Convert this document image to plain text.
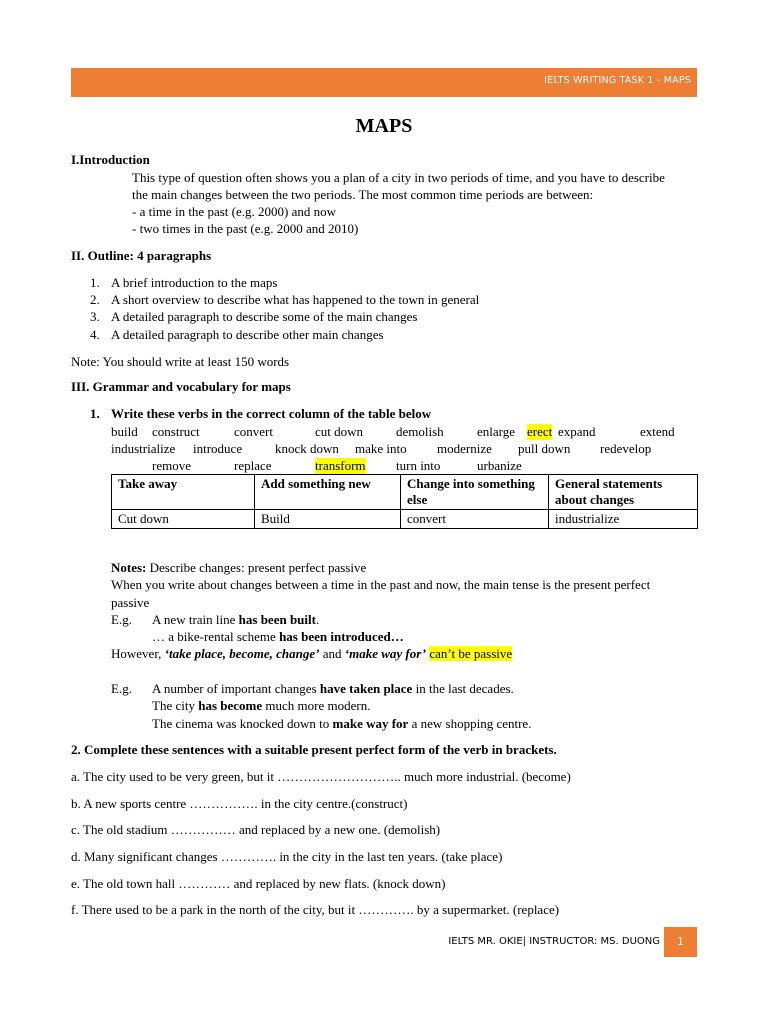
IELTS WRITING TASK 1 - MAPS
MAPS
I.Introduction
This type of question often shows you a plan of a city in two periods of time, and you have to describe
the main changes between the two periods. The most common time periods are between:
- a time in the past (e.g. 2000) and now
- two times in the past (e.g. 2000 and 2010)
II. Outline: 4 paragraphs
1. A brief introduction to the maps
2. A short overview to describe what has happened to the town in general
3. A detailed paragraph to describe some of the main changes
4. A detailed paragraph to describe other main changes
Note: You should write at least 150 words
III. Grammar and vocabulary for maps
1. Write these verbs in the correct column of the table below
build construct	convert	cut down	demolish	enlarge erect expand	extend
industrialize introduce	knock down make into modernize pull down redevelop
remove	replace	transform turn into	urbanize
Take away	Add something new	Change into something else	General statements about changes
Cut down	Build	convert	industrialize
Notes: Describe changes: present perfect passive
When you write about changes between a time in the past and now, the main tense is the present perfect
passive
E.g. A new train line has been built.
… a bike-rental scheme has been introduced…
However, ‘take place, become, change’ and ‘make way for’ can’t be passive
E.g. A number of important changes have taken place in the last decades.
The city has become much more modern.
The cinema was knocked down to make way for a new shopping centre.
2. Complete these sentences with a suitable present perfect form of the verb in brackets.
a. The city used to be very green, but it ……………………….. much more industrial. (become)
b. A new sports centre ……………. in the city centre.(construct)
c. The old stadium …………… and replaced by a new one. (demolish)
d. Many significant changes …………. in the city in the last ten years. (take place)
e. The old town hall ………… and replaced by new flats. (knock down)
f. There used to be a park in the north of the city, but it …………. by a supermarket. (replace)
IELTS MR. OKIE| INSTRUCTOR: MS. DUONG	1
